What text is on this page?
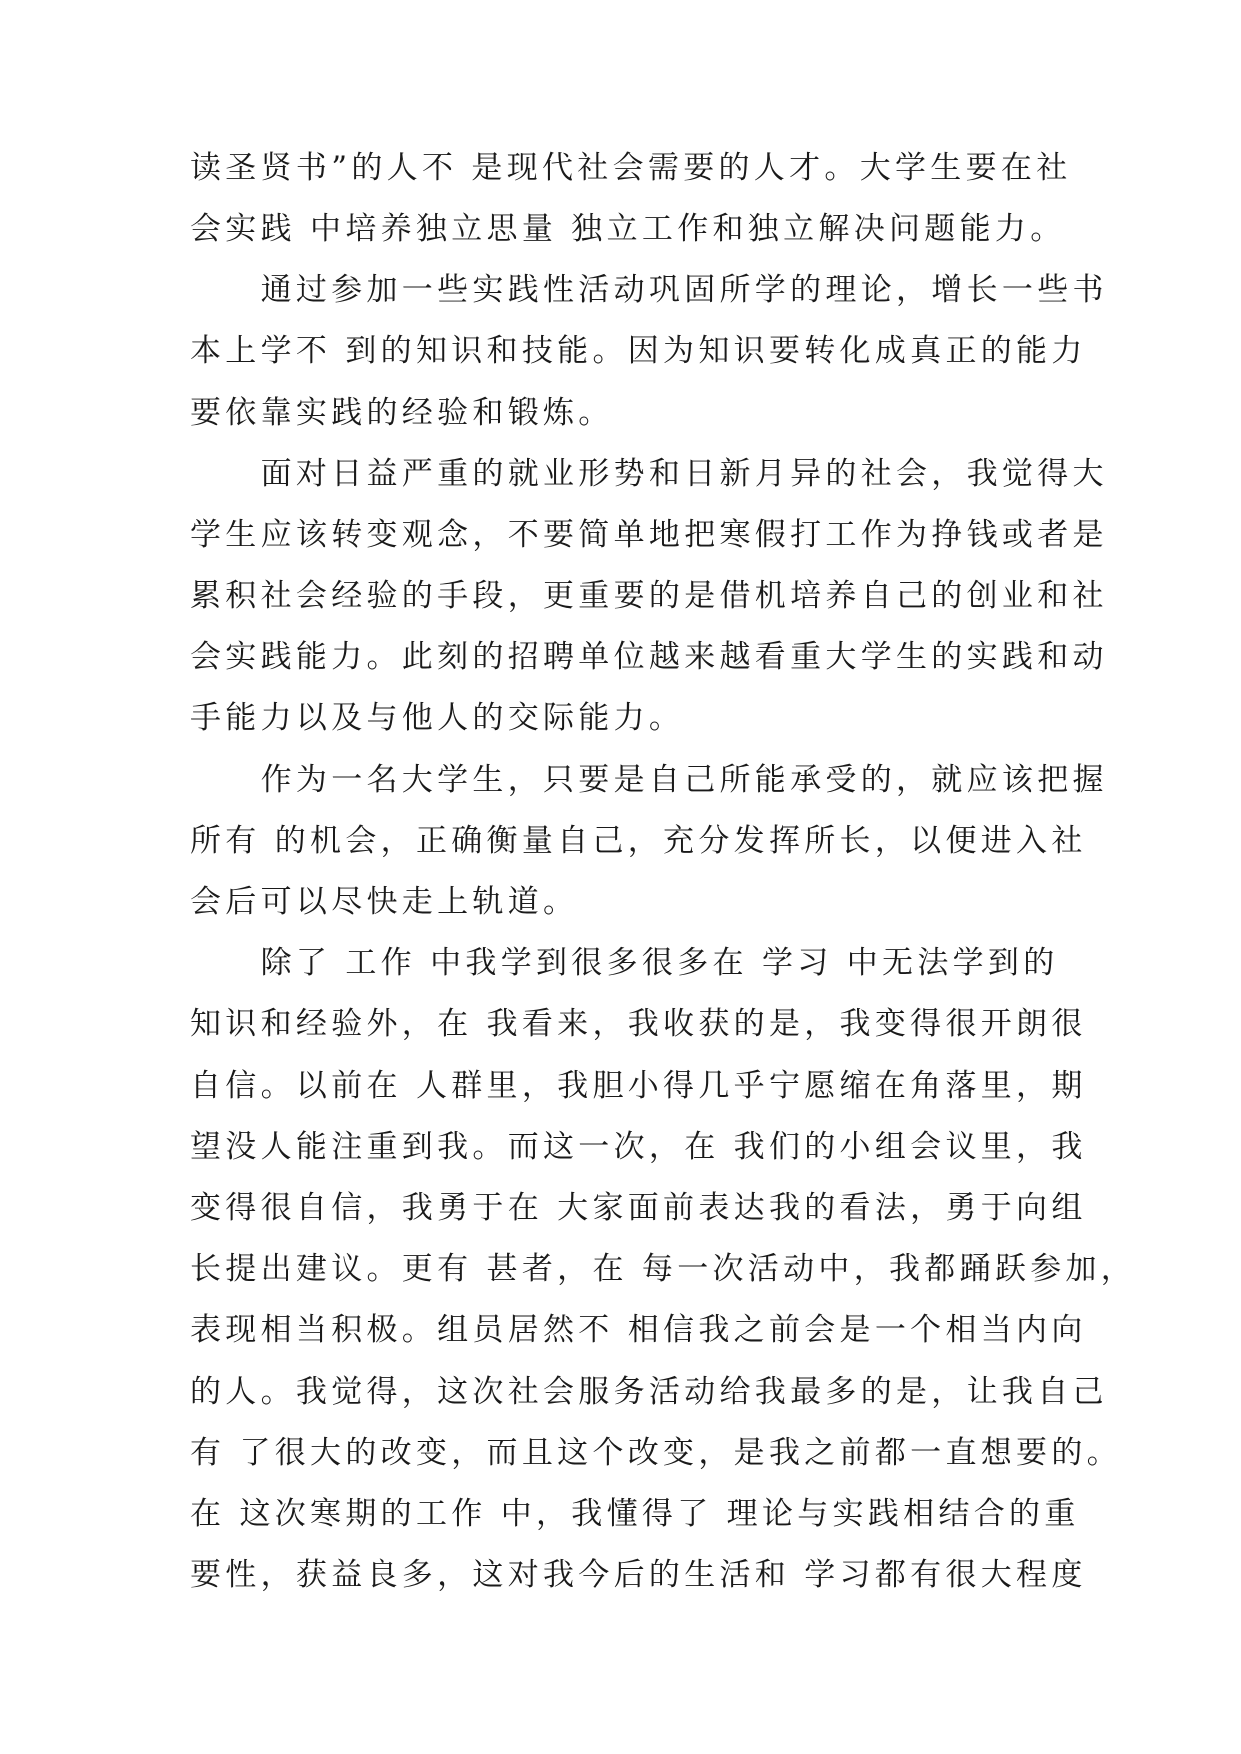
读圣贤书”的人不 是现代社会需要的人才。大学生要在社

会实践 中培养独立思量 独立工作和独立解决问题能力。

　　通过参加一些实践性活动巩固所学的理论，增长一些书

本上学不 到的知识和技能。因为知识要转化成真正的能力

要依靠实践的经验和锻炼。

　　面对日益严重的就业形势和日新月异的社会，我觉得大

学生应该转变观念，不要简单地把寒假打工作为挣钱或者是

累积社会经验的手段，更重要的是借机培养自己的创业和社

会实践能力。此刻的招聘单位越来越看重大学生的实践和动

手能力以及与他人的交际能力。

　　作为一名大学生，只要是自己所能承受的，就应该把握

所有 的机会，正确衡量自己，充分发挥所长，以便进入社

会后可以尽快走上轨道。

　　除了 工作 中我学到很多很多在 学习 中无法学到的

知识和经验外，在 我看来，我收获的是，我变得很开朗很

自信。以前在 人群里，我胆小得几乎宁愿缩在角落里，期

望没人能注重到我。而这一次，在 我们的小组会议里，我

变得很自信，我勇于在 大家面前表达我的看法，勇于向组

长提出建议。更有 甚者，在 每一次活动中，我都踊跃参加，

表现相当积极。组员居然不 相信我之前会是一个相当内向

的人。我觉得，这次社会服务活动给我最多的是，让我自己

有 了很大的改变，而且这个改变，是我之前都一直想要的。

在 这次寒期的工作 中，我懂得了 理论与实践相结合的重

要性，获益良多，这对我今后的生活和 学习都有很大程度
